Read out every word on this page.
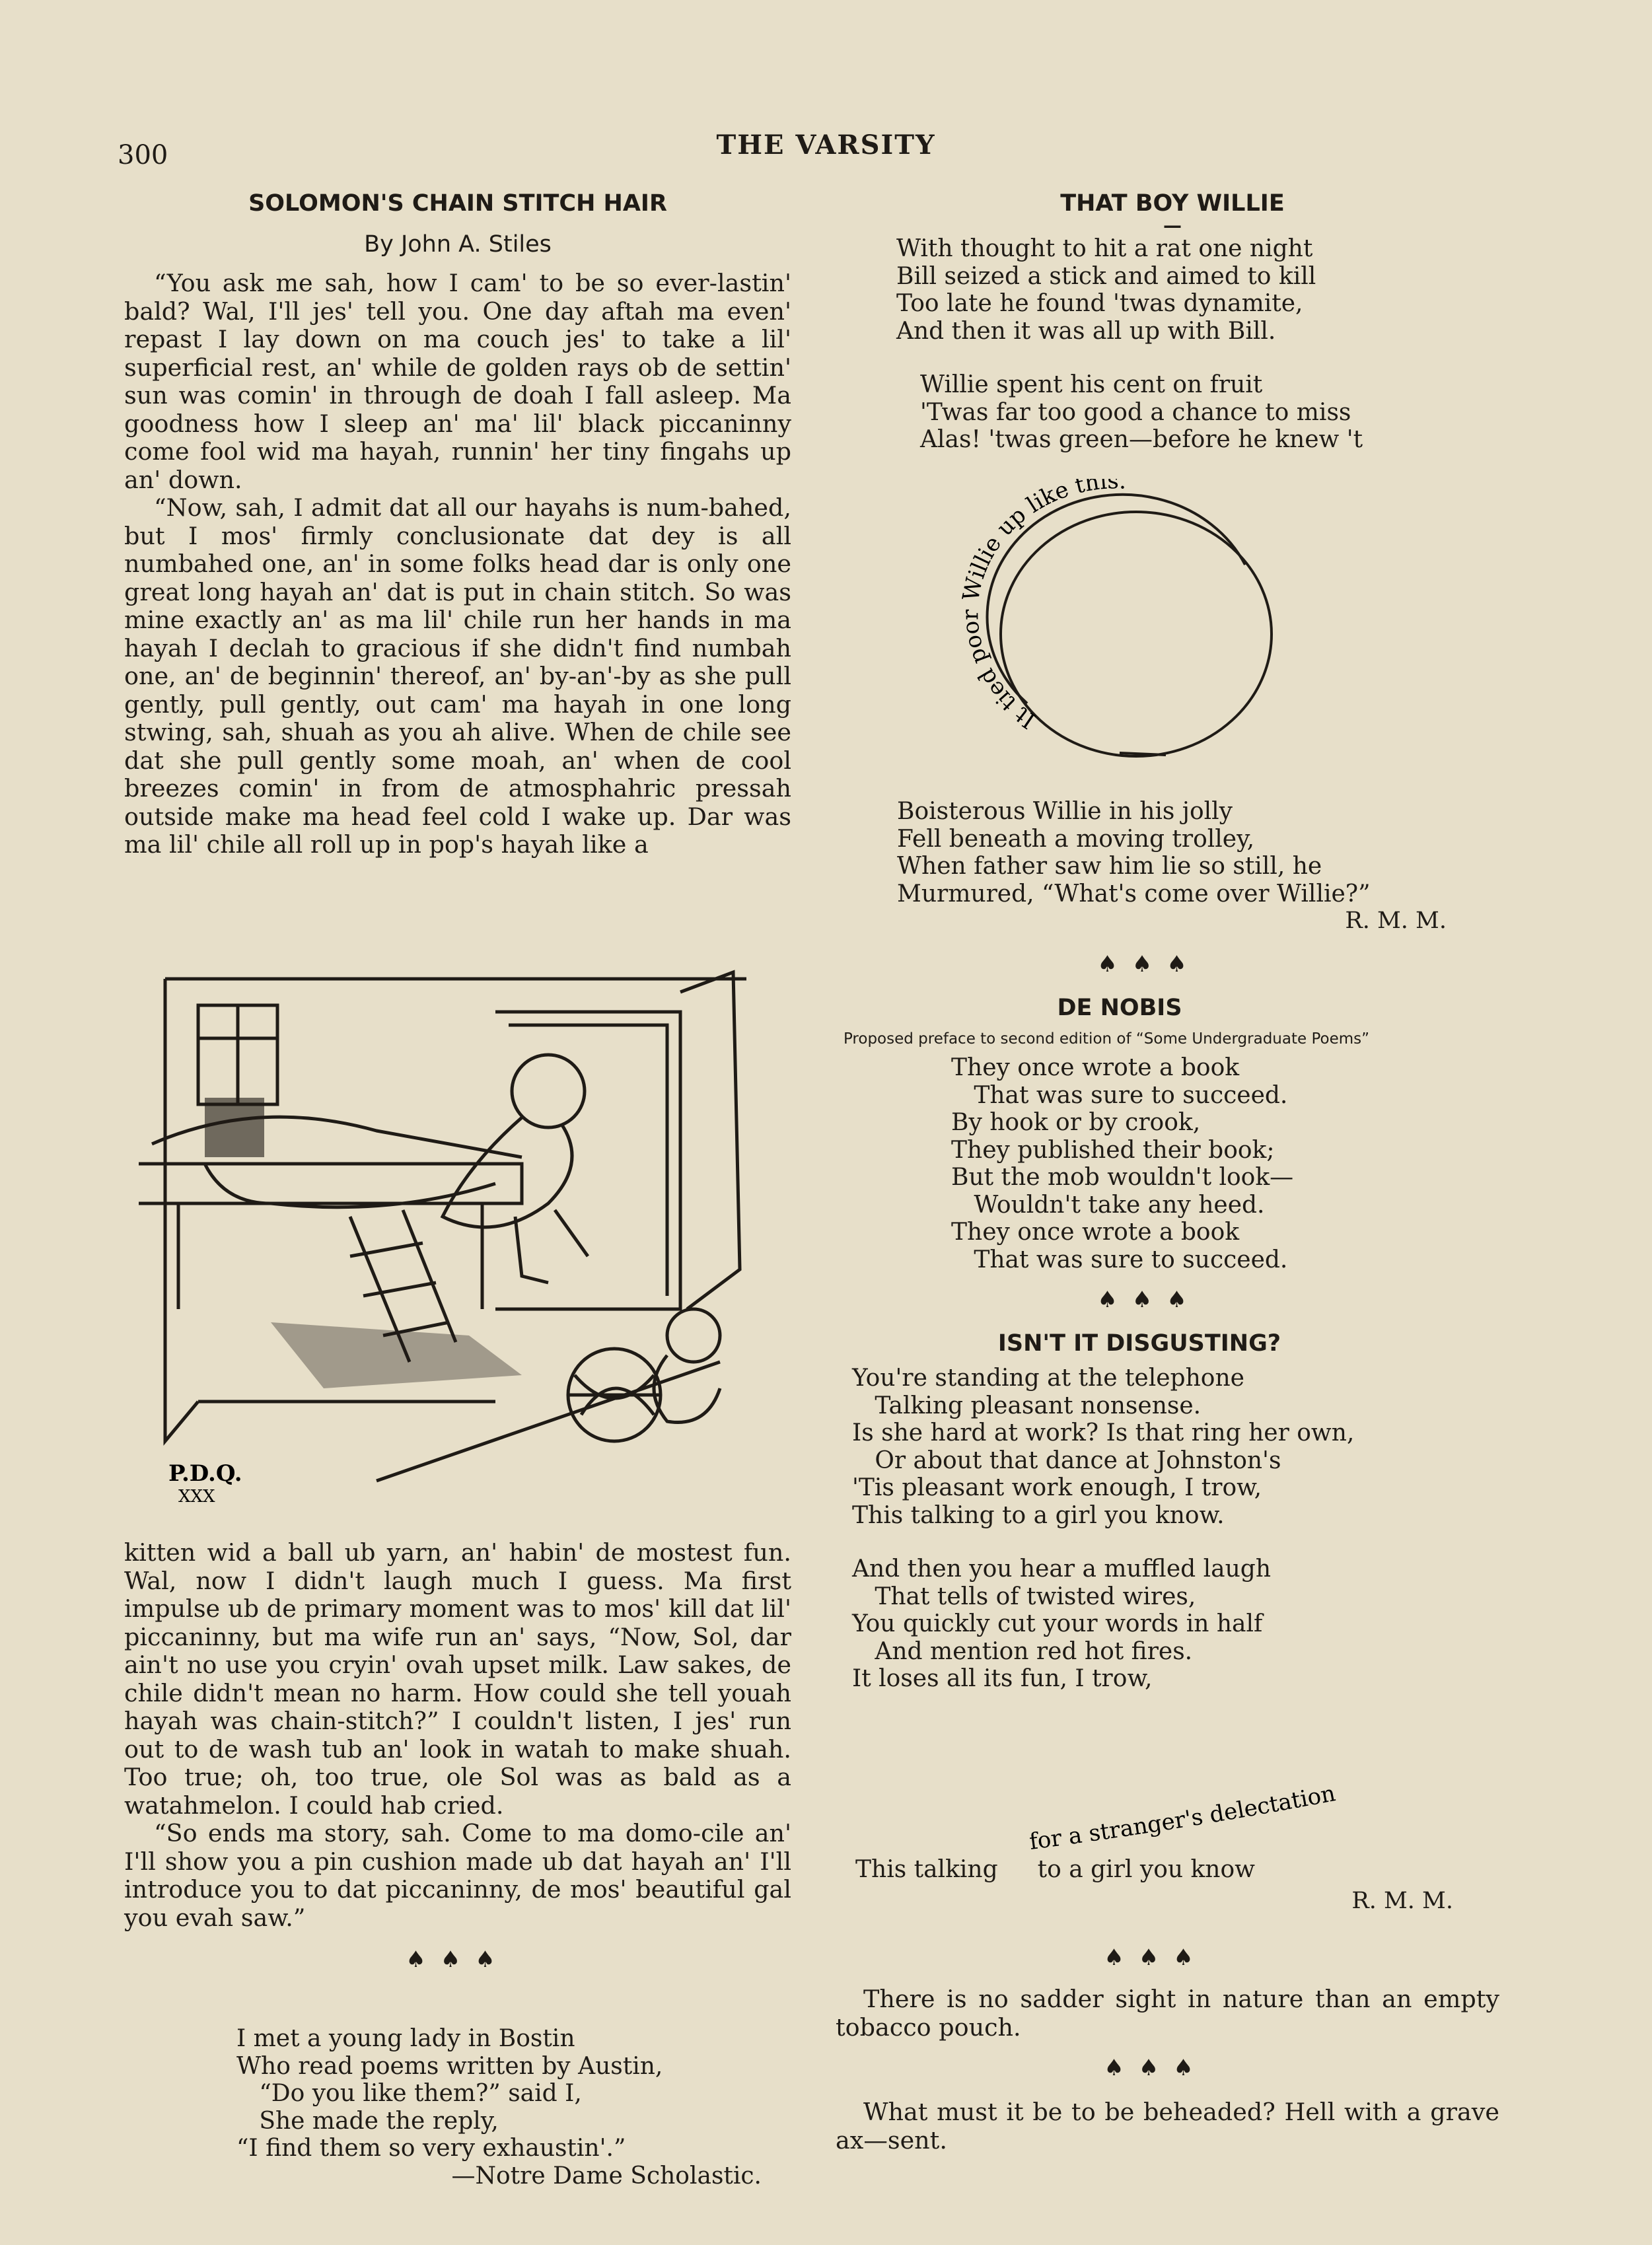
300	THE VARSITY
SOLOMON'S CHAIN STITCH HAIR
By John A. Stiles

“You ask me sah, how I cam' to be so ever-lastin' bald? Wal, I'll jes' tell you. One day aftah ma even' repast I lay down on ma couch jes' to take a lil' superficial rest, an' while de golden rays ob de settin' sun was comin' in through de doah I fall asleep. Ma goodness how I sleep an' ma' lil' black piccaninny come fool wid ma hayah, runnin' her tiny fingahs up an' down.

“Now, sah, I admit dat all our hayahs is num-bahed, but I mos' firmly conclusionate dat dey is all numbahed one, an' in some folks head dar is only one great long hayah an' dat is put in chain stitch. So was mine exactly an' as ma lil' chile run her hands in ma hayah I declah to gracious if she didn't find numbah one, an' de beginnin' thereof, an' by-an'-by as she pull gently, pull gently, out cam' ma hayah in one long stwing, sah, shuah as you ah alive. When de chile see dat she pull gently some moah, an' when de cool breezes comin' in from de atmosphahric pressah outside make ma head feel cold I wake up. Dar was ma lil' chile all roll up in pop's hayah like a

P.D.Q.
XXX

kitten wid a ball ub yarn, an' habin' de mostest fun. Wal, now I didn't laugh much I guess. Ma first impulse ub de primary moment was to mos' kill dat lil' piccaninny, but ma wife run an' says, “Now, Sol, dar ain't no use you cryin' ovah upset milk. Law sakes, de chile didn't mean no harm. How could she tell youah hayah was chain-stitch?” I couldn't listen, I jes' run out to de wash tub an' look in watah to make shuah. Too true; oh, too true, ole Sol was as bald as a watahmelon. I could hab cried.

“So ends ma story, sah. Come to ma domo-cile an' I'll show you a pin cushion made ub dat hayah an' I'll introduce you to dat piccaninny, de mos' beautiful gal you evah saw.”

♠♠♠
I met a young lady in Bostin
Who read poems written by Austin,
“Do you like them?” said I,
She made the reply,
“I find them so very exhaustin'.”
—Notre Dame Scholastic.
THAT BOY WILLIE
—
With thought to hit a rat one night
Bill seized a stick and aimed to kill
Too late he found 'twas dynamite,
And then it was all up with Bill.
Willie spent his cent on fruit
'Twas far too good a chance to miss
Alas! 'twas green—before he knew 't
It tied po illie up like this.
Boisterous Willie in his jolly
Fell beneath a moving trolley,
When father saw him lie so still, he
Murmured, “What's come over Willie?”
R. M. M.
♠♠♠
DE NOBIS
Proposed preface to second edition of “Some Undergraduate Poems”
They once wrote a book
That was sure to succeed.
By hook or by crook,
They published their book;
But the mob wouldn't look—
Wouldn't take any heed.
They once wrote a book
That was sure to succeed.
♠♠♠
ISN'T IT DISGUSTING?
You're standing at the telephone
Talking pleasant nonsense.
Is she hard at work? Is that ring her own,
Or about that dance at Johnston's
'Tis pleasant work enough, I trow,
This talking to a girl you know.
And then you hear a muffled laugh
That tells of twisted wires,
You quickly cut your words in half
And mention red hot fires.
It loses all its fun, I trow,
for a stranger's delectation
This talking to a girl you know
R. M. M.
♠♠♠

There is no sadder sight in nature than an empty tobacco pouch.

♠♠♠

What must it be to be beheaded? Hell with a grave ax—sent.
